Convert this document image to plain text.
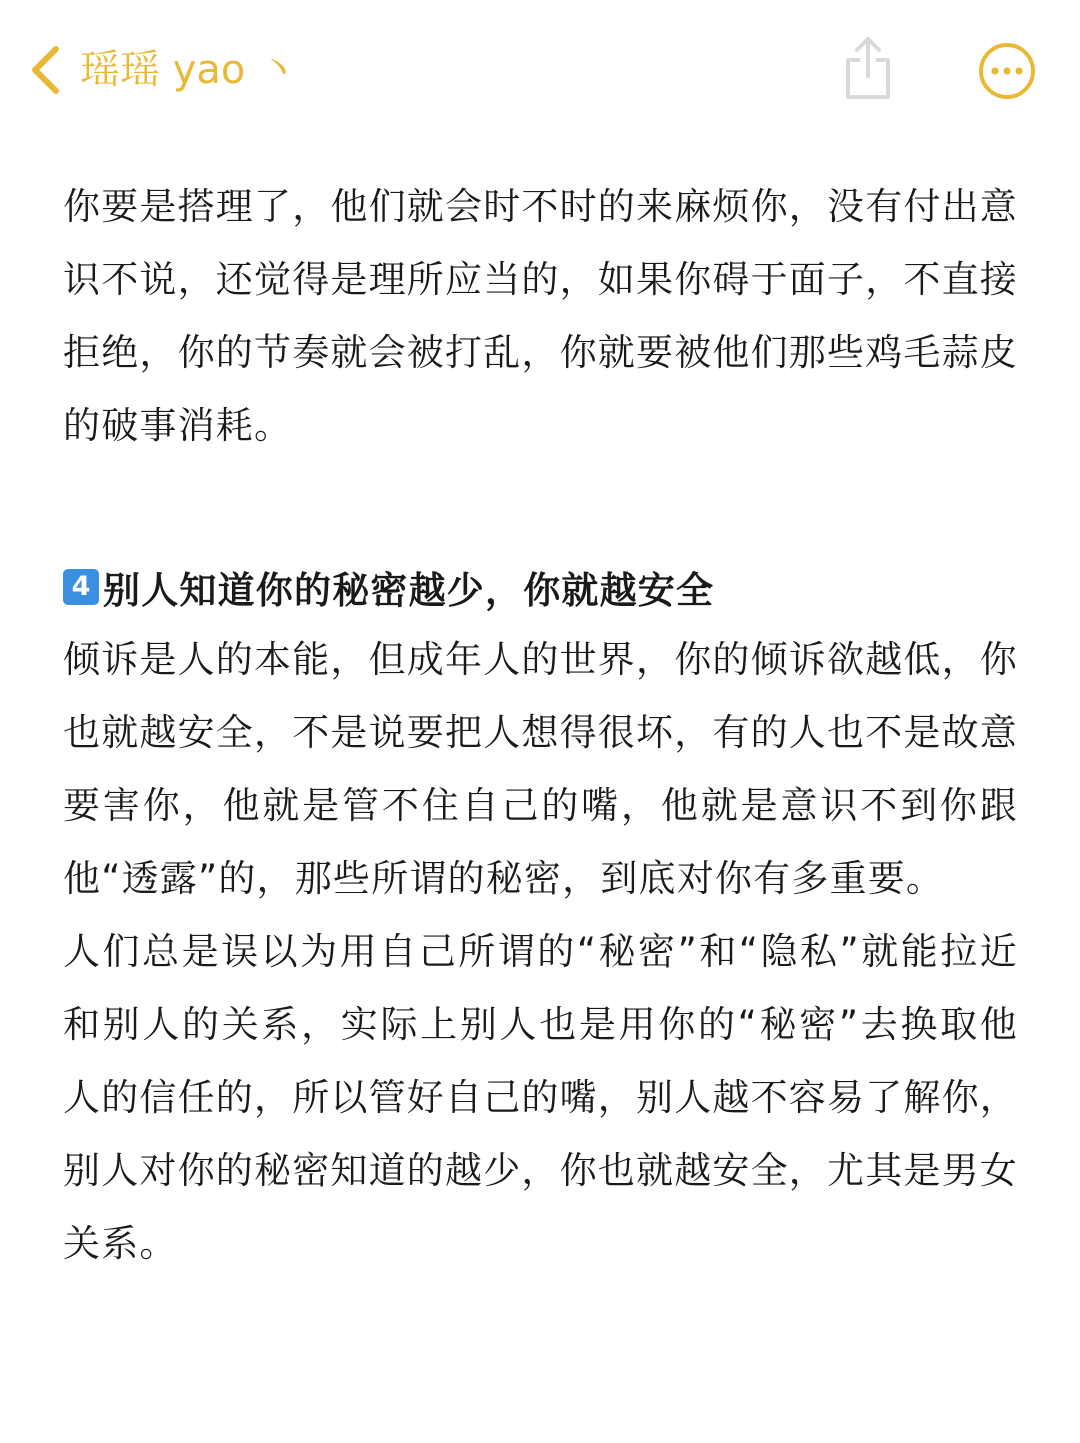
瑶瑶 yao 丶

你要是搭理了，他们就会时不时的来麻烦你，没有付出意识不说，还觉得是理所应当的，如果你碍于面子，不直接拒绝，你的节奏就会被打乱，你就要被他们那些鸡毛蒜皮的破事消耗。

4 别人知道你的秘密越少，你就越安全

倾诉是人的本能，但成年人的世界，你的倾诉欲越低，你也就越安全，不是说要把人想得很坏，有的人也不是故意要害你，他就是管不住自己的嘴，他就是意识不到你跟他“透露”的，那些所谓的秘密，到底对你有多重要。

人们总是误以为用自己所谓的“秘密”和“隐私”就能拉近和别人的关系，实际上别人也是用你的“秘密”去换取他人的信任的，所以管好自己的嘴，别人越不容易了解你，别人对你的秘密知道的越少，你也就越安全，尤其是男女关系。
